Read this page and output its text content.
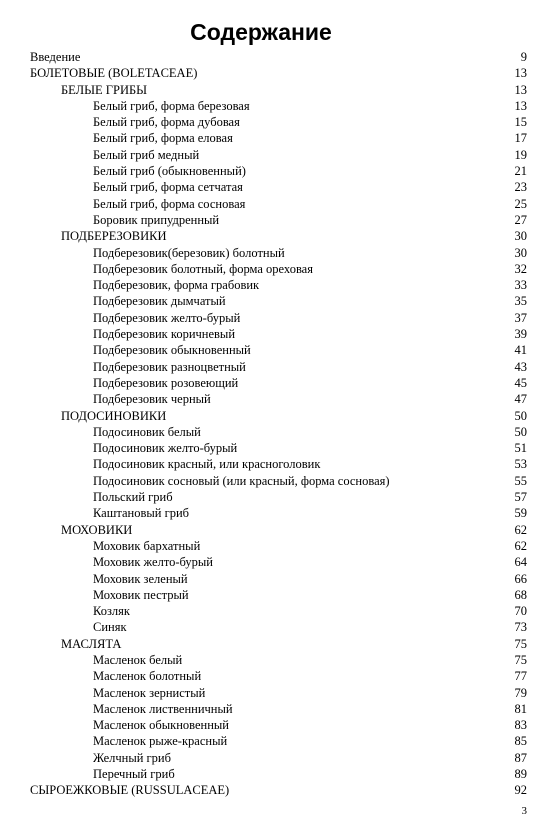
Содержание
Введение	9
БОЛЕТОВЫЕ (BOLETACEAE)	13
БЕЛЫЕ ГРИБЫ	13
Белый гриб, форма березовая	13
Белый гриб, форма дубовая	15
Белый гриб, форма еловая	17
Белый гриб медный	19
Белый гриб (обыкновенный)	21
Белый гриб, форма сетчатая	23
Белый гриб, форма сосновая	25
Боровик припудренный	27
ПОДБЕРЕЗОВИКИ	30
Подберезовик(березовик) болотный	30
Подберезовик болотный, форма ореховая	32
Подберезовик, форма грабовик	33
Подберезовик дымчатый	35
Подберезовик желто-бурый	37
Подберезовик коричневый	39
Подберезовик обыкновенный	41
Подберезовик разноцветный	43
Подберезовик розовеющий	45
Подберезовик черный	47
ПОДОСИНОВИКИ	50
Подосиновик белый	50
Подосиновик желто-бурый	51
Подосиновик красный, или красноголовик	53
Подосиновик сосновый (или красный, форма сосновая)	55
Польский гриб	57
Каштановый гриб	59
МОХОВИКИ	62
Моховик бархатный	62
Моховик желто-бурый	64
Моховик зеленый	66
Моховик пестрый	68
Козляк	70
Синяк	73
МАСЛЯТА	75
Масленок белый	75
Масленок болотный	77
Масленок зернистый	79
Масленок лиственничный	81
Масленок обыкновенный	83
Масленок рыже-красный	85
Желчный гриб	87
Перечный гриб	89
СЫРОЕЖКОВЫЕ (RUSSULACEAE)	92
3
